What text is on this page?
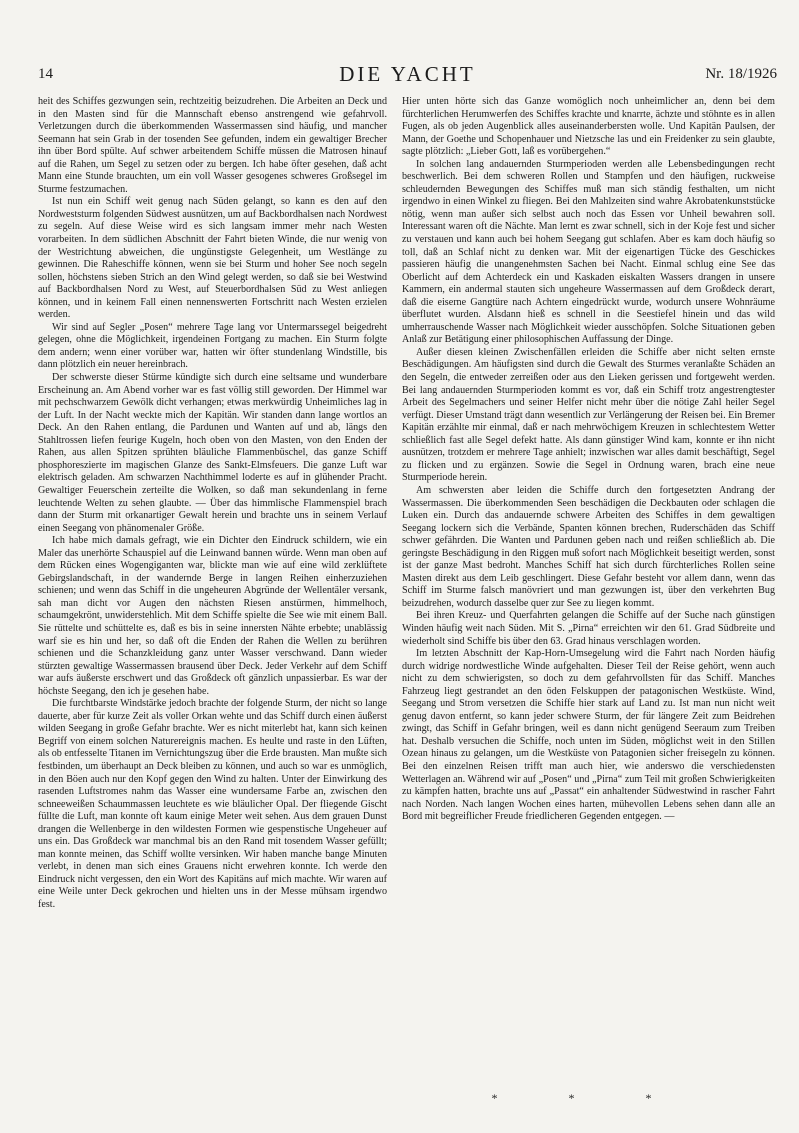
14	DIE YACHT	Nr. 18/1926

heit des Schiffes gezwungen sein, rechtzeitig beizudrehen. Die Arbeiten an Deck und in den Masten sind für die Mannschaft ebenso anstrengend wie gefahrvoll. Verletzungen durch die überkommenden Wassermassen sind häufig, und mancher Seemann hat sein Grab in der tosenden See gefunden, indem ein gewaltiger Brecher ihn über Bord spülte. Auf schwer arbeitendem Schiffe müssen die Matrosen hinauf auf die Rahen, um Segel zu setzen oder zu bergen. Ich habe öfter gesehen, daß acht Mann eine Stunde brauchten, um ein voll Wasser gesogenes schweres Großsegel im Sturme festzumachen.

Ist nun ein Schiff weit genug nach Süden gelangt, so kann es den auf den Nordweststurm folgenden Südwest ausnützen, um auf Backbordhalsen nach Nordwest zu segeln. Auf diese Weise wird es sich langsam immer mehr nach Westen vorarbeiten. In dem südlichen Abschnitt der Fahrt bieten Winde, die nur wenig von der Westrichtung abweichen, die ungünstigste Gelegenheit, um Westlänge zu gewinnen. Die Raheschiffe können, wenn sie bei Sturm und hoher See noch segeln sollen, höchstens sieben Strich an den Wind gelegt werden, so daß sie bei Westwind auf Backbordhalsen Nord zu West, auf Steuerbordhalsen Süd zu West anliegen können, und in keinem Fall einen nennenswerten Fortschritt nach Westen erzielen werden.

Wir sind auf Segler „Posen“ mehrere Tage lang vor Untermarssegel beigedreht gelegen, ohne die Möglichkeit, irgendeinen Fortgang zu machen. Ein Sturm folgte dem andern; wenn einer vorüber war, hatten wir öfter stundenlang Windstille, bis dann plötzlich ein neuer hereinbrach.

Der schwerste dieser Stürme kündigte sich durch eine seltsame und wunderbare Erscheinung an. Am Abend vorher war es fast völlig still geworden. Der Himmel war mit pechschwarzem Gewölk dicht verhangen; etwas merkwürdig Unheimliches lag in der Luft. In der Nacht weckte mich der Kapitän. Wir standen dann lange wortlos an Deck. An den Rahen entlang, die Pardunen und Wanten auf und ab, längs den Stahltrossen liefen feurige Kugeln, hoch oben von den Masten, von den Enden der Rahen, aus allen Spitzen sprühten bläuliche Flammenbüschel, das ganze Schiff phosphoreszierte im magischen Glanze des Sankt-Elmsfeuers. Die ganze Luft war elektrisch geladen. Am schwarzen Nachthimmel loderte es auf in glühender Pracht. Gewaltiger Feuerschein zerteilte die Wolken, so daß man sekundenlang in ferne leuchtende Welten zu sehen glaubte. — Über das himmlische Flammenspiel brach dann der Sturm mit orkanartiger Gewalt herein und brachte uns in seinem Verlauf einen Seegang von phänomenaler Größe.

Ich habe mich damals gefragt, wie ein Dichter den Eindruck schildern, wie ein Maler das unerhörte Schauspiel auf die Leinwand bannen würde. Wenn man oben auf dem Rücken eines Wogengiganten war, blickte man wie auf eine wild zerklüftete Gebirgslandschaft, in der wandernde Berge in langen Reihen einherzuziehen schienen; und wenn das Schiff in die ungeheuren Abgründe der Wellentäler versank, sah man dicht vor Augen den nächsten Riesen anstürmen, himmelhoch, schaumgekrönt, unwiderstehlich. Mit dem Schiffe spielte die See wie mit einem Ball. Sie rüttelte und schüttelte es, daß es bis in seine innersten Nähte erbebte; unablässig warf sie es hin und her, so daß oft die Enden der Rahen die Wellen zu berühren schienen und die Schanzkleidung ganz unter Wasser verschwand. Dann wieder stürzten gewaltige Wassermassen brausend über Deck. Jeder Verkehr auf dem Schiff war aufs äußerste erschwert und das Großdeck oft gänzlich unpassierbar. Es war der höchste Seegang, den ich je gesehen habe.

Die furchtbarste Windstärke jedoch brachte der folgende Sturm, der nicht so lange dauerte, aber für kurze Zeit als voller Orkan wehte und das Schiff durch einen äußerst wilden Seegang in große Gefahr brachte. Wer es nicht miterlebt hat, kann sich keinen Begriff von einem solchen Naturereignis machen. Es heulte und raste in den Lüften, als ob entfesselte Titanen im Vernichtungszug über die Erde brausten. Man mußte sich festbinden, um überhaupt an Deck bleiben zu können, und auch so war es unmöglich, in den Böen auch nur den Kopf gegen den Wind zu halten. Unter der Einwirkung des rasenden Luftstromes nahm das Wasser eine wundersame Farbe an, zwischen den schneeweißen Schaummassen leuchtete es wie bläulicher Opal. Der fliegende Gischt füllte die Luft, man konnte oft kaum einige Meter weit sehen. Aus dem grauen Dunst drangen die Wellenberge in den wildesten Formen wie gespenstische Ungeheuer auf uns ein. Das Großdeck war manchmal bis an den Rand mit tosendem Wasser gefüllt; man konnte meinen, das Schiff wollte versinken. Wir haben manche bange Minuten verlebt, in denen man sich eines Grauens nicht erwehren konnte. Ich werde den Eindruck nicht vergessen, den ein Wort des Kapitäns auf mich machte. Wir waren auf eine Weile unter Deck gekrochen und hielten uns in der Messe mühsam irgendwo fest.

Hier unten hörte sich das Ganze womöglich noch unheimlicher an, denn bei dem fürchterlichen Herumwerfen des Schiffes krachte und knarrte, ächzte und stöhnte es in allen Fugen, als ob jeden Augenblick alles auseinanderbersten wolle. Und Kapitän Paulsen, der Mann, der Goethe und Schopenhauer und Nietzsche las und ein Freidenker zu sein glaubte, sagte plötzlich: „Lieber Gott, laß es vorübergehen.“

In solchen lang andauernden Sturmperioden werden alle Lebensbedingungen recht beschwerlich. Bei dem schweren Rollen und Stampfen und den häufigen, ruckweise schleudernden Bewegungen des Schiffes muß man sich ständig festhalten, um nicht irgendwo in einen Winkel zu fliegen. Bei den Mahlzeiten sind wahre Akrobatenkunststücke nötig, wenn man außer sich selbst auch noch das Essen vor Unheil bewahren soll. Interessant waren oft die Nächte. Man lernt es zwar schnell, sich in der Koje fest und sicher zu verstauen und kann auch bei hohem Seegang gut schlafen. Aber es kam doch häufig so toll, daß an Schlaf nicht zu denken war. Mit der eigenartigen Tücke des Geschickes passieren häufig die unangenehmsten Sachen bei Nacht. Einmal schlug eine See das Oberlicht auf dem Achterdeck ein und Kaskaden eiskalten Wassers drangen in unsere Kammern, ein andermal stauten sich ungeheure Wassermassen auf dem Großdeck derart, daß die eiserne Gangtüre nach Achtern eingedrückt wurde, wodurch unsere Wohnräume überflutet wurden. Alsdann hieß es schnell in die Seestiefel hinein und das wild umherrauschende Wasser nach Möglichkeit wieder ausschöpfen. Solche Situationen geben Anlaß zur Betätigung einer philosophischen Auffassung der Dinge.

Außer diesen kleinen Zwischenfällen erleiden die Schiffe aber nicht selten ernste Beschädigungen. Am häufigsten sind durch die Gewalt des Sturmes veranlaßte Schäden an den Segeln, die entweder zerreißen oder aus den Lieken gerissen und fortgeweht werden. Bei lang andauernden Sturmperioden kommt es vor, daß ein Schiff trotz angestrengtester Arbeit des Segelmachers und seiner Helfer nicht mehr über die nötige Zahl heiler Segel verfügt. Dieser Umstand trägt dann wesentlich zur Verlängerung der Reisen bei. Ein Bremer Kapitän erzählte mir einmal, daß er nach mehrwöchigem Kreuzen in schlechtestem Wetter schließlich fast alle Segel defekt hatte. Als dann günstiger Wind kam, konnte er ihn nicht ausnützen, trotzdem er mehrere Tage anhielt; inzwischen war alles damit beschäftigt, Segel zu flicken und zu ergänzen. Sowie die Segel in Ordnung waren, brach eine neue Sturmperiode herein.

Am schwersten aber leiden die Schiffe durch den fortgesetzten Andrang der Wassermassen. Die überkommenden Seen beschädigen die Deckbauten oder schlagen die Luken ein. Durch das andauernde schwere Arbeiten des Schiffes in dem gewaltigen Seegang lockern sich die Verbände, Spanten können brechen, Ruderschäden das Schiff schwer gefährden. Die Wanten und Pardunen geben nach und reißen schließlich ab. Die geringste Beschädigung in den Riggen muß sofort nach Möglichkeit beseitigt werden, sonst ist der ganze Mast bedroht. Manches Schiff hat sich durch fürchterliches Rollen seine Masten direkt aus dem Leib geschlingert. Diese Gefahr besteht vor allem dann, wenn das Schiff im Sturme falsch manövriert und man gezwungen ist, über den verkehrten Bug beizudrehen, wodurch dasselbe quer zur See zu liegen kommt.

Bei ihren Kreuz- und Querfahrten gelangen die Schiffe auf der Suche nach günstigen Winden häufig weit nach Süden. Mit S. „Pirna“ erreichten wir den 61. Grad Südbreite und wiederholt sind Schiffe bis über den 63. Grad hinaus verschlagen worden.

Im letzten Abschnitt der Kap-Horn-Umsegelung wird die Fahrt nach Norden häufig durch widrige nordwestliche Winde aufgehalten. Dieser Teil der Reise gehört, wenn auch nicht zu dem schwierigsten, so doch zu dem gefahrvollsten für das Schiff. Manches Fahrzeug liegt gestrandet an den öden Felskuppen der patagonischen Westküste. Wind, Seegang und Strom versetzen die Schiffe hier stark auf Land zu. Ist man nun nicht weit genug davon entfernt, so kann jeder schwere Sturm, der für längere Zeit zum Beidrehen zwingt, das Schiff in Gefahr bringen, weil es dann nicht genügend Seeraum zum Treiben hat. Deshalb versuchen die Schiffe, noch unten im Süden, möglichst weit in den Stillen Ozean hinaus zu gelangen, um die Westküste von Patagonien sicher freisegeln zu können. Bei den einzelnen Reisen trifft man auch hier, wie anderswo die verschiedensten Wetterlagen an. Während wir auf „Posen“ und „Pirna“ zum Teil mit großen Schwierigkeiten zu kämpfen hatten, brachte uns auf „Passat“ ein anhaltender Südwestwind in rascher Fahrt nach Norden. Nach langen Wochen eines harten, mühevollen Lebens sehen dann alle an Bord mit begreiflicher Freude friedlicheren Gegenden entgegen. —

* * *
